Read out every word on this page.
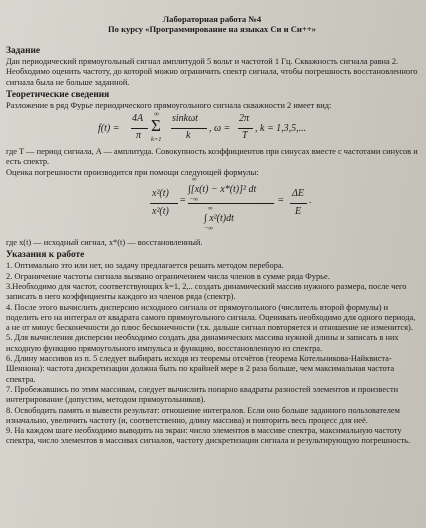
Лабораторная работа №4
По курсу «Программирование на языках Си и Си++»
Задание
Дан периодический прямоугольный сигнал амплитудой 5 вольт и частотой 1 Гц. Скважность сигнала равна 2.
Необходимо оценить частоту, до которой можно ограничить спектр сигнала, чтобы погрешность восстановленного сигнала была не больше заданной.
Теоретические сведения
Разложение в ряд Фурье периодического прямоугольного сигнала скважности 2 имеет вид:
f(t) =
4A
π
∞
Σ
k=1
sinkωt
k
, ω =
2π
T
, k = 1,3,5,...
где T — период сигнала, A — амплитуда. Совокупность коэффициентов при синусах вместе с частотами синусов и есть спектр.
Оценка погрешности производится при помощи следующей формулы:
x²(t)
x²(t)
=
∞
∫[x(t) − x*(t)]² dt
−∞
∞
∫ x²(t)dt
−∞
=
ΔE
E
.
где x(t) — исходный сигнал, x*(t) — восстановленный.
Указания к работе
1. Оптимально это или нет, но задачу предлагается решать методом перебора.
2. Ограничение частоты сигнала вызвано ограничением числа членов в сумме ряда Фурье.
3.Необходимо для частот, соответствующих k=1, 2,.. создать динамический массив нужного размера, после чего записать в него коэффициенты каждого из членов ряда (спектр).
4. После этого вычислить дисперсию исходного сигнала от прямоугольного (числитель второй формулы) и поделить его на интеграл от квадрата самого прямоугольного сигнала. Оценивать необходимо для одного периода, а не от минус бесконечности до плюс бесконечности (т.к. дальше сигнал повторяется и отношение не изменится).
5. Для вычисления дисперсии необходимо создать два динамических массива нужной длины и записать в них исходную функцию прямоугольного импульса и функцию, восстановленную из спектра.
6. Длину массивов из п. 5 следует выбирать исходя из теоремы отсчётов (теорема Котельникова-Найквиста-Шеннона): частота дискретизации должна быть по крайней мере в 2 раза больше, чем максимальная частота спектра.
7. Пробежавшись по этим массивам, следует вычислить попарно квадраты разностей элементов и произвести интегрирование (допустим, методом прямоугольников).
8. Освободить память и вывести результат: отношение интегралов. Если оно больше заданного пользователем изначально, увеличить частоту (и, соответственно, длину массива) и повторить весь процесс для неё.
9. На каждом шаге необходимо выводить на экран: число элементов в массиве спектра, максимальную частоту спектра, число элементов в массивах сигналов, частоту дискретизации сигнала и результирующую погрешность.
